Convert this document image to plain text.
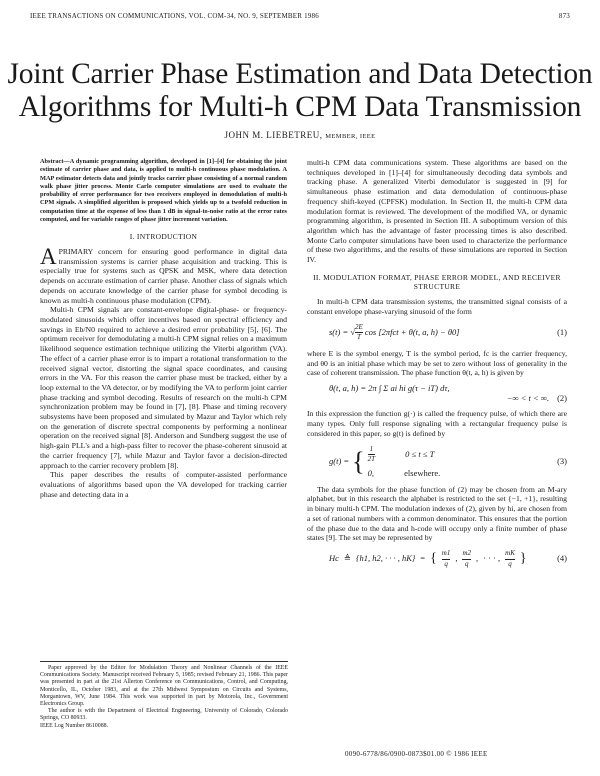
IEEE TRANSACTIONS ON COMMUNICATIONS, VOL. COM-34, NO. 9, SEPTEMBER 1986	873
Joint Carrier Phase Estimation and Data Detection
Algorithms for Multi-h CPM Data Transmission
JOHN M. LIEBETREU, MEMBER, IEEE
Abstract—A dynamic programming algorithm, developed in [1]–[4] for obtaining the joint estimate of carrier phase and data, is applied to multi-h continuous phase modulation. A MAP estimator detects data and jointly tracks carrier phase consisting of a normal random walk phase jitter process. Monte Carlo computer simulations are used to evaluate the probability of error performance for two receivers employed in demodulation of multi-h CPM signals. A simplified algorithm is proposed which yields up to a twofold reduction in computation time at the expense of less than 1 dB in signal-to-noise ratio at the error rates computed, and for variable ranges of phase jitter increment variation.
I. INTRODUCTION

APRIMARY concern for ensuring good performance in digital data transmission systems is carrier phase acquisition and tracking. This is especially true for systems such as QPSK and MSK, where data detection depends on accurate estimation of carrier phase. Another class of signals which depends on accurate knowledge of the carrier phase for symbol decoding is known as multi-h continuous phase modulation (CPM).

Multi-h CPM signals are constant-envelope digital-phase- or frequency-modulated sinusoids which offer incentives based on spectral efficiency and savings in Eb/N0 required to achieve a desired error probability [5], [6]. The optimum receiver for demodulating a multi-h CPM signal relies on a maximum likelihood sequence estimation technique utilizing the Viterbi algorithm (VA). The effect of a carrier phase error is to impart a rotational transformation to the received signal vector, distorting the signal space coordinates, and causing errors in the VA. For this reason the carrier phase must be tracked, either by a loop external to the VA detector, or by modifying the VA to perform joint carrier phase tracking and symbol decoding. Results of research on the multi-h CPM synchronization problem may be found in [7], [8]. Phase and timing recovery subsystems have been proposed and simulated by Mazur and Taylor which rely on the generation of discrete spectral components by performing a nonlinear operation on the received signal [8]. Anderson and Sundberg suggest the use of high-gain PLL's and a high-pass filter to recover the phase-coherent sinusoid at the carrier frequency [7], while Mazur and Taylor favor a decision-directed approach to the carrier recovery problem [8].

This paper describes the results of computer-assisted performance evaluations of algorithms based upon the VA developed for tracking carrier phase and detecting data in a

multi-h CPM data communications system. These algorithms are based on the techniques developed in [1]–[4] for simultaneously decoding data symbols and tracking phase. A generalized Viterbi demodulator is suggested in [9] for simultaneous phase estimation and data demodulation of continuous-phase frequency shift-keyed (CPFSK) modulation. In Section II, the multi-h CPM data modulation format is reviewed. The development of the modified VA, or dynamic programming algorithm, is presented in Section III. A suboptimum version of this algorithm which has the advantage of faster processing times is also described. Monte Carlo computer simulations have been used to characterize the performance of these two algorithms, and the results of these simulations are reported in Section IV.

II. MODULATION FORMAT, PHASE ERROR MODEL, AND RECEIVER STRUCTURE

In multi-h CPM data transmission systems, the transmitted signal consists of a constant envelope phase-varying sinusoid of the form

s(t) = √ $\frac{2E}{T}$ cos [2πfct + θ(t, a, h) − θ0]	(1)

where E is the symbol energy, T is the symbol period, fc is the carrier frequency, and θ0 is an initial phase which may be set to zero without loss of generality in the case of coherent transmission. The phase function θ(t, a, h) is given by

θ(t, a, h) = 2π ∫ Σ ai hi g(τ − iT) dτ,
−∞ < t < ∞. (2)

In this expression the function g(·) is called the frequency pulse, of which there are many types. Only full response signaling with a rectangular frequency pulse is considered in this paper, so g(t) is defined by

g(t) = { $\frac{1}{2T}$	0 ≤ t ≤ T
0,	elsewhere.
(3)

The data symbols for the phase function of (2) may be chosen from an M-ary alphabet, but in this research the alphabet is restricted to the set {−1, +1}, resulting in binary multi-h CPM. The modulation indexes of (2), given by hi, are chosen from a set of rational numbers with a common denominator. This ensures that the portion of the phase due to the data and h-code will occupy only a finite number of phase states [9]. The set may be represented by

Hc ≜ {h1, h2, · · · , hK} = { $\frac{m1}{q}$ , $\frac{m2}{q}$ , · · · , $\frac{mK}{q}$ }	(4)

Paper approved by the Editor for Modulation Theory and Nonlinear Channels of the IEEE Communications Society. Manuscript received February 5, 1985; revised February 21, 1986. This paper was presented in part at the 21st Allerton Conference on Communications, Control, and Computing, Monticello, IL, October 1983, and at the 27th Midwest Symposium on Circuits and Systems, Morgantown, WV, June 1984. This work was supported in part by Motorola, Inc., Government Electronics Group.

The author is with the Department of Electrical Engineering, University of Colorado, Colorado Springs, CO 80933.

IEEE Log Number 8610088.

0090-6778/86/0900-0873$01.00 © 1986 IEEE
